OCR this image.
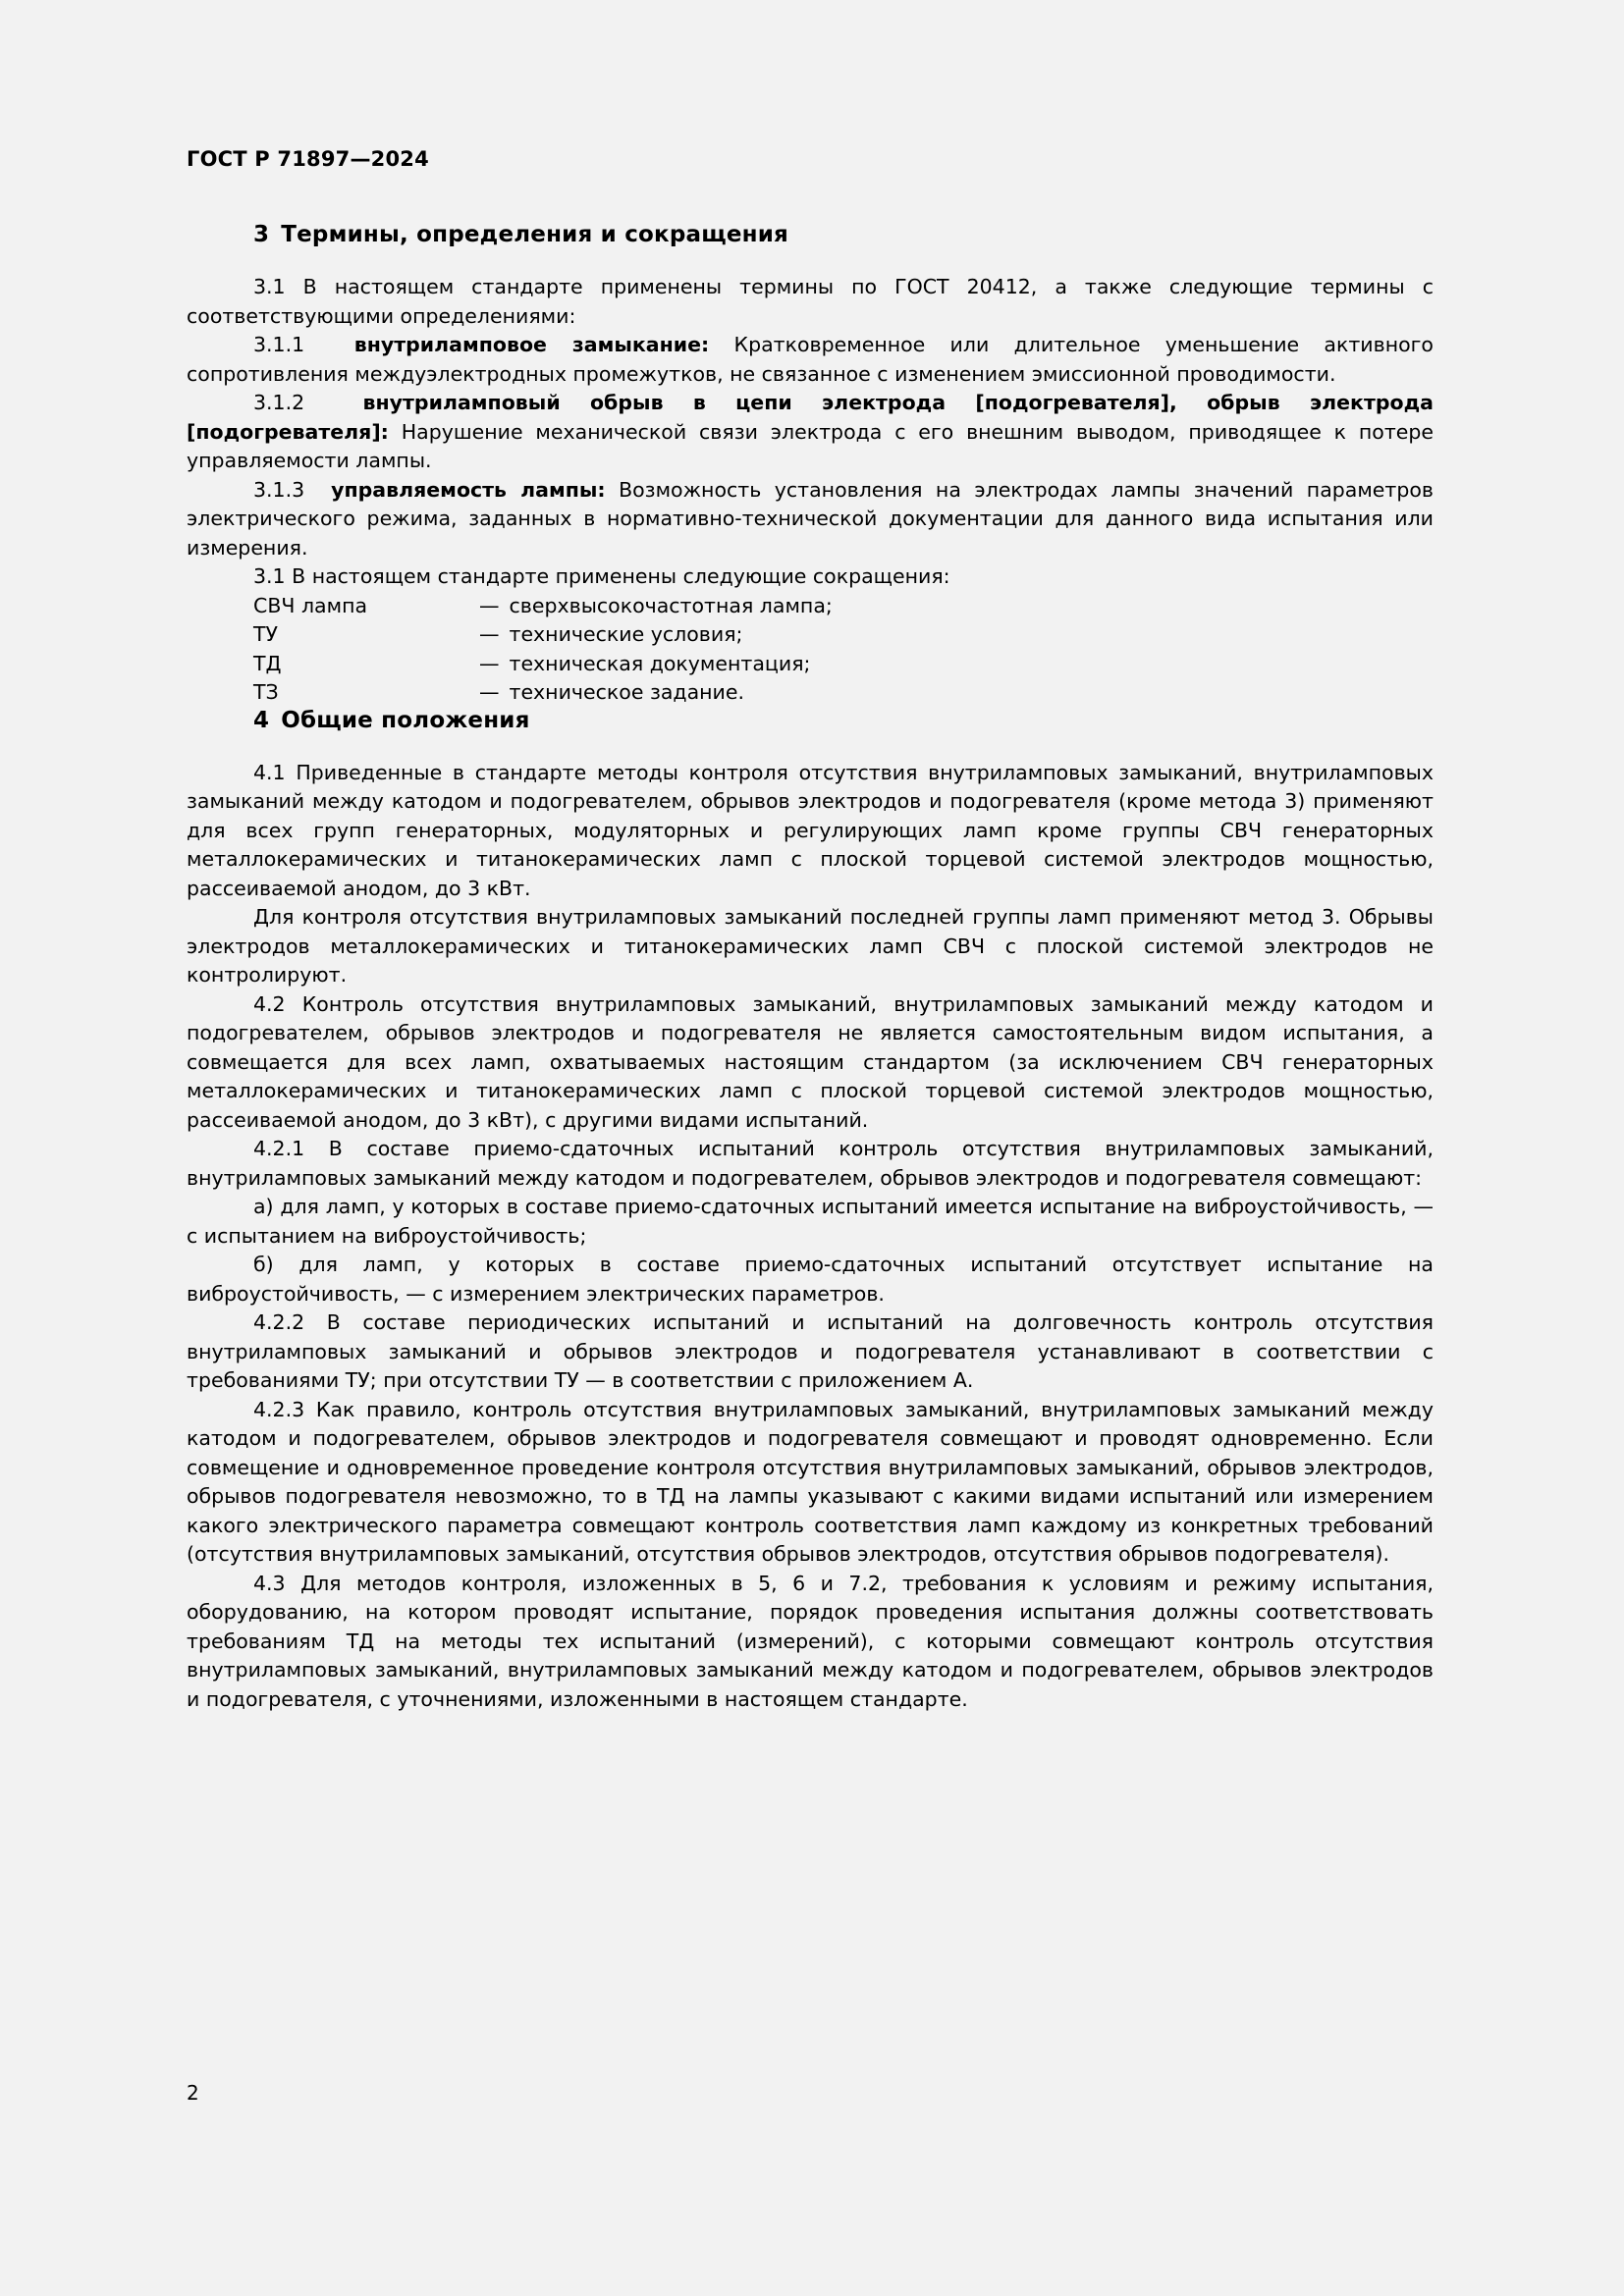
ГОСТ Р 71897—2024
3 Термины, определения и сокращения

3.1 В настоящем стандарте применены термины по ГОСТ 20412, а также следующие термины с соответствующими определениями:

3.1.1 внутриламповое замыкание: Кратковременное или длительное уменьшение активного сопротивления междуэлектродных промежутков, не связанное с изменением эмиссионной проводимости.

3.1.2	внутриламповый обрыв в цепи электрода [подогревателя], обрыв электрода [подогревателя]: Нарушение механической связи электрода с его внешним выводом, приводящее к потере управляемости лампы.

3.1.3 управляемость лампы: Возможность установления на электродах лампы значений параметров электрического режима, заданных в нормативно-технической документации для данного вида испытания или измерения.

3.1 В настоящем стандарте применены следующие сокращения:

СВЧ лампа	—	сверхвысокочастотная лампа;
ТУ	—	технические условия;
ТД	—	техническая документация;
ТЗ	—	техническое задание.
4 Общие положения

4.1 Приведенные в стандарте методы контроля отсутствия внутриламповых замыканий, внутриламповых замыканий между катодом и подогревателем, обрывов электродов и подогревателя (кроме метода 3) применяют для всех групп генераторных, модуляторных и регулирующих ламп кроме группы СВЧ генераторных металлокерамических и титанокерамических ламп с плоской торцевой системой электродов мощностью, рассеиваемой анодом, до 3 кВт.

Для контроля отсутствия внутриламповых замыканий последней группы ламп применяют метод 3. Обрывы электродов металлокерамических и титанокерамических ламп СВЧ с плоской системой электродов не контролируют.

4.2 Контроль отсутствия внутриламповых замыканий, внутриламповых замыканий между катодом и подогревателем, обрывов электродов и подогревателя не является самостоятельным видом испытания, а совмещается для всех ламп, охватываемых настоящим стандартом (за исключением СВЧ генераторных металлокерамических и титанокерамических ламп с плоской торцевой системой электродов мощностью, рассеиваемой анодом, до 3 кВт), с другими видами испытаний.

4.2.1 В составе приемо-сдаточных испытаний контроль отсутствия внутриламповых замыканий, внутриламповых замыканий между катодом и подогревателем, обрывов электродов и подогревателя совмещают:

а) для ламп, у которых в составе приемо-сдаточных испытаний имеется испытание на виброустойчивость, — с испытанием на виброустойчивость;

б) для ламп, у которых в составе приемо-сдаточных испытаний отсутствует испытание на виброустойчивость, — с измерением электрических параметров.

4.2.2 В составе периодических испытаний и испытаний на долговечность контроль отсутствия внутриламповых замыканий и обрывов электродов и подогревателя устанавливают в соответствии с требованиями ТУ; при отсутствии ТУ — в соответствии с приложением А.

4.2.3 Как правило, контроль отсутствия внутриламповых замыканий, внутриламповых замыканий между катодом и подогревателем, обрывов электродов и подогревателя совмещают и проводят одновременно. Если совмещение и одновременное проведение контроля отсутствия внутриламповых замыканий, обрывов электродов, обрывов подогревателя невозможно, то в ТД на лампы указывают с какими видами испытаний или измерением какого электрического параметра совмещают контроль соответствия ламп каждому из конкретных требований (отсутствия внутриламповых замыканий, отсутствия обрывов электродов, отсутствия обрывов подогревателя).

4.3 Для методов контроля, изложенных в 5, 6 и 7.2, требования к условиям и режиму испытания, оборудованию, на котором проводят испытание, порядок проведения испытания должны соответствовать требованиям ТД на методы тех испытаний (измерений), с которыми совмещают контроль отсутствия внутриламповых замыканий, внутриламповых замыканий между катодом и подогревателем, обрывов электродов и подогревателя, с уточнениями, изложенными в настоящем стандарте.

2
